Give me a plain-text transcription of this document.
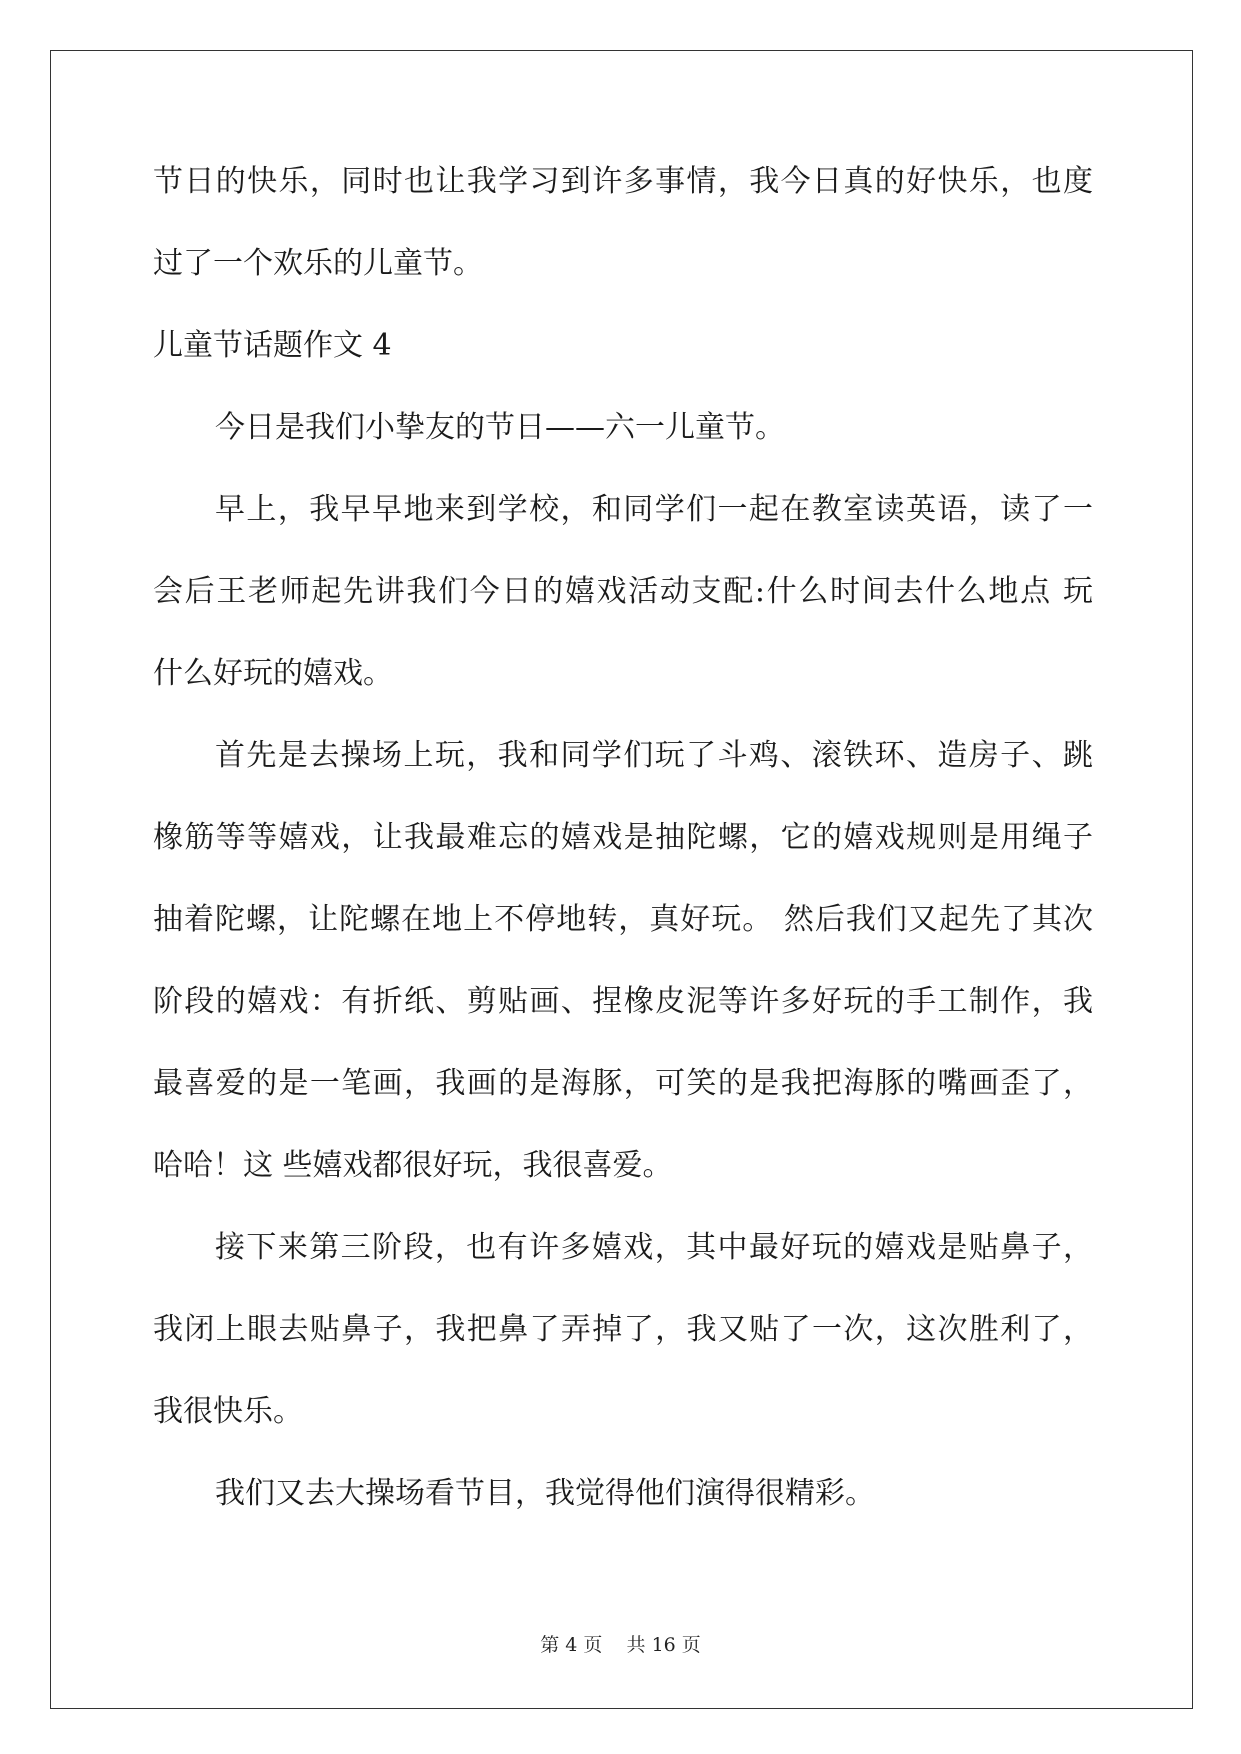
节日的快乐，同时也让我学习到许多事情，我今日真的好快乐，也度
过了一个欢乐的儿童节。
儿童节话题作文 4
今日是我们小挚友的节日——六一儿童节。
早上，我早早地来到学校，和同学们一起在教室读英语，读了一
会后王老师起先讲我们今日的嬉戏活动支配:什么时间去什么地点 玩
什么好玩的嬉戏。
首先是去操场上玩，我和同学们玩了斗鸡、滚铁环、造房子、跳
橡筋等等嬉戏，让我最难忘的嬉戏是抽陀螺，它的嬉戏规则是用绳子
抽着陀螺，让陀螺在地上不停地转，真好玩。 然后我们又起先了其次
阶段的嬉戏：有折纸、剪贴画、捏橡皮泥等许多好玩的手工制作，我
最喜爱的是一笔画，我画的是海豚，可笑的是我把海豚的嘴画歪了，
哈哈！这 些嬉戏都很好玩，我很喜爱。
接下来第三阶段，也有许多嬉戏，其中最好玩的嬉戏是贴鼻子，
我闭上眼去贴鼻子，我把鼻了弄掉了，我又贴了一次，这次胜利了，
我很快乐。
我们又去大操场看节目，我觉得他们演得很精彩。
第 4 页    共 16 页
